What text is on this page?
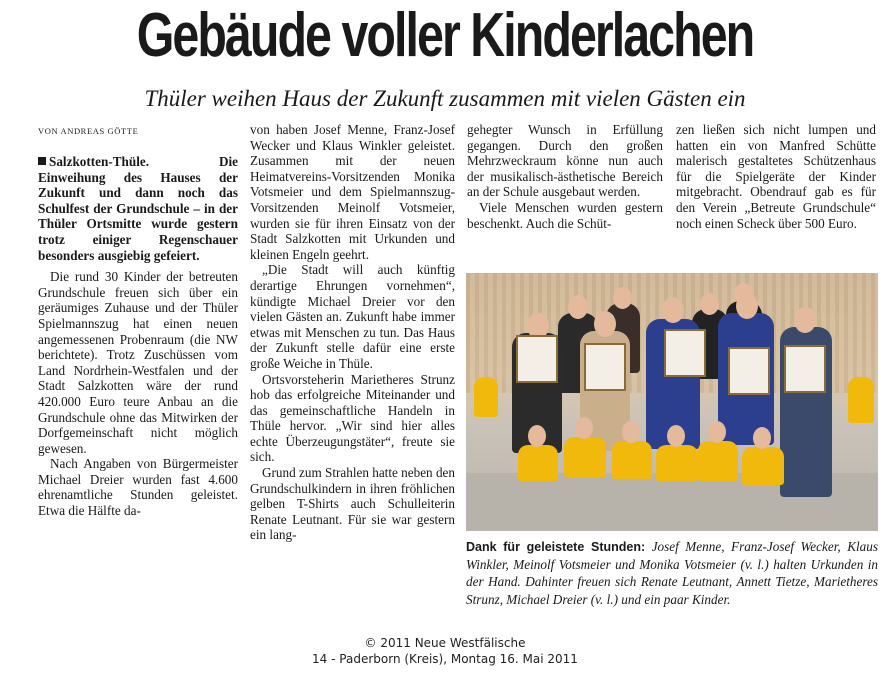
Gebäude voller Kinderlachen
Thüler weihen Haus der Zukunft zusammen mit vielen Gästen ein
VON ANDREAS GÖTTE

Salzkotten-Thüle.	Die Einweihung des Hauses der Zukunft und dann noch das Schulfest der Grundschule – in der Thüler Ortsmitte wurde gestern trotz einiger Regenschauer besonders ausgiebig gefeiert.

Die rund 30 Kinder der betreuten Grundschule freuen sich über ein geräumiges Zuhause und der Thüler Spielmannszug hat einen neuen angemessenen Probenraum (die NW berichtete). Trotz Zuschüssen vom Land Nordrhein-Westfalen und der Stadt Salzkotten wäre der rund 420.000 Euro teure Anbau an die Grundschule ohne das Mitwirken der Dorfgemeinschaft nicht möglich gewesen.

Nach Angaben von Bürgermeister Michael Dreier wurden fast 4.600 ehrenamtliche Stunden geleistet. Etwa die Hälfte da-

von haben Josef Menne, Franz-Josef Wecker und Klaus Winkler geleistet. Zusammen mit der neuen Heimatvereins-Vorsitzenden Monika Votsmeier und dem Spielmannszug-Vorsitzenden Meinolf Votsmeier, wurden sie für ihren Einsatz von der Stadt Salzkotten mit Urkunden und kleinen Engeln geehrt.

„Die Stadt will auch künftig derartige Ehrungen vornehmen“, kündigte Michael Dreier vor den vielen Gästen an. Zukunft habe immer etwas mit Menschen zu tun. Das Haus der Zukunft stelle dafür eine erste große Weiche in Thüle.

Ortsvorsteherin Marietheres Strunz hob das erfolgreiche Miteinander und das gemeinschaftliche Handeln in Thüle hervor. „Wir sind hier alles echte Überzeugungstäter“, freute sie sich.

Grund zum Strahlen hatte neben den Grundschulkindern in ihren fröhlichen gelben T-Shirts auch Schulleiterin Renate Leutnant. Für sie war gestern ein lang-

gehegter Wunsch in Erfüllung gegangen. Durch den großen Mehrzweckraum könne nun auch der musikalisch-ästhetische Bereich an der Schule ausgebaut werden.

Viele Menschen wurden gestern beschenkt. Auch die Schüt-

zen ließen sich nicht lumpen und hatten ein von Manfred Schütte malerisch gestaltetes Schützenhaus für die Spielgeräte der Kinder mitgebracht. Obendrauf gab es für den Verein „Betreute Grundschule“ noch einen Scheck über 500 Euro.

Dank für geleistete Stunden: Josef Menne, Franz-Josef Wecker, Klaus Winkler, Meinolf Votsmeier und Monika Votsmeier (v. l.) halten Urkunden in der Hand. Dahinter freuen sich Renate Leutnant, Annett Tietze, Marietheres Strunz, Michael Dreier (v. l.) und ein paar Kinder.
© 2011 Neue Westfälische
14 - Paderborn (Kreis), Montag 16. Mai 2011
